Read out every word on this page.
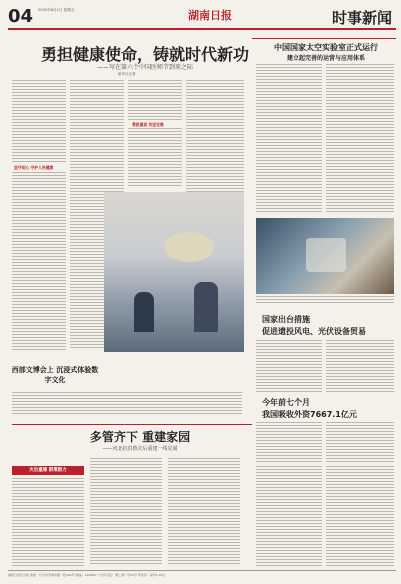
04 2025年8月1日 星期五	湖南日报	时事新闻
勇担健康使命，铸就时代新功
——写在第六个中国医师节到来之际
新华社记者
坚守初心 守护人民健康
勇挑重担 攻坚克难
西部文博会上 沉浸式体验数字文化
中国国家太空实验室正式运行
建立起完善的运营与应用体系
国家出台措施
促进遗投风电、光伏设备贸易
今年前七个月
我国吸收外资7667.1亿元
多管齐下 重建家园
——河北抗洪救灾后重建一线见闻
灾后重建 群策群力
湖南日报社出版 地址：长沙市芙蓉中路一段442号 邮编：410005 广告许可证：湘工商广字01号 零售价：每份1.00元
